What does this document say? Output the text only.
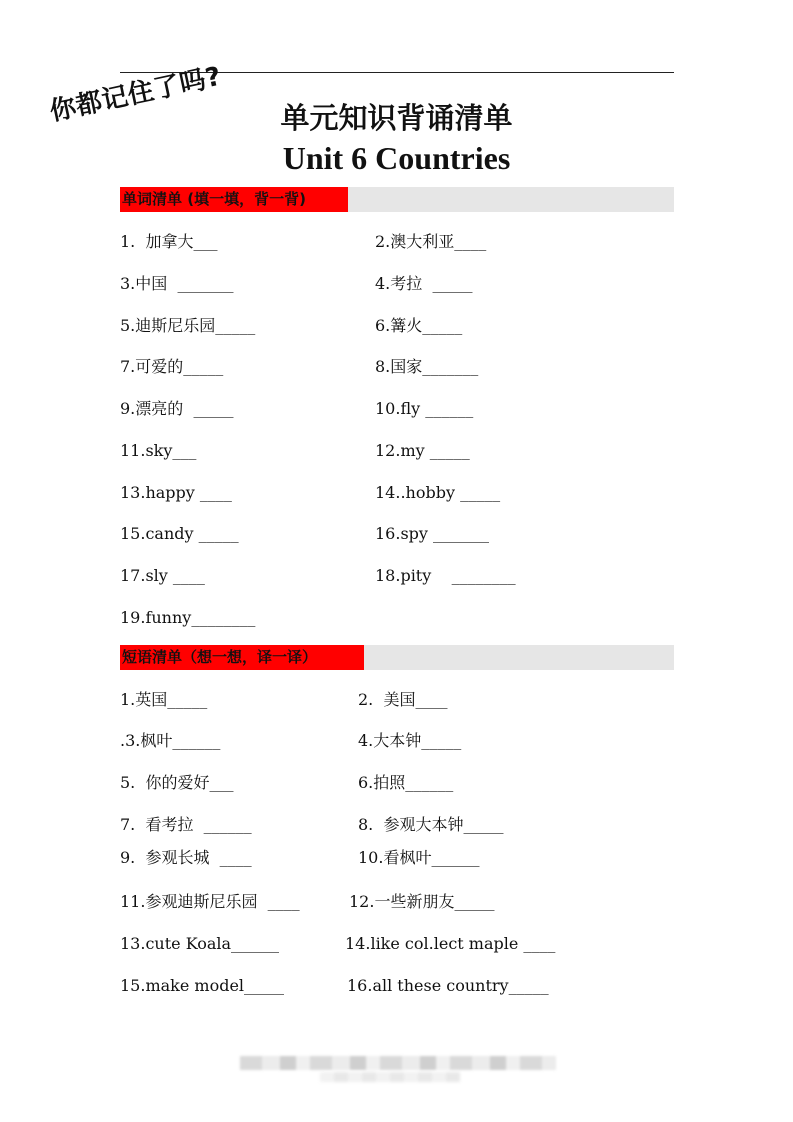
你都记住了吗?	单元知识背诵清单
Unit 6 Countries
单词清单 (填一填，背一背)
1.  加拿大___	2.澳大利亚____
3.中国  _______	4.考拉  _____
5.迪斯尼乐园_____	6.篝火_____
7.可爱的_____	8.国家_______
9.漂亮的  _____	10.fly ______
11.sky___	12.my _____
13.happy ____	14..hobby _____
15.candy _____	16.spy _______
17.sly ____	18.pity    ________
19.funny________
短语清单（想一想，译一译）
1.英国_____	2.  美国____
.3.枫叶______	4.大本钟_____
5.  你的爱好___	6.拍照______
7.  看考拉  ______	8.  参观大本钟_____
9.  参观长城  ____	10.看枫叶______
11.参观迪斯尼乐园  ____	12.一些新朋友_____
13.cute Koala______	14.like col.lect maple ____
15.make model_____	16.all these country_____
